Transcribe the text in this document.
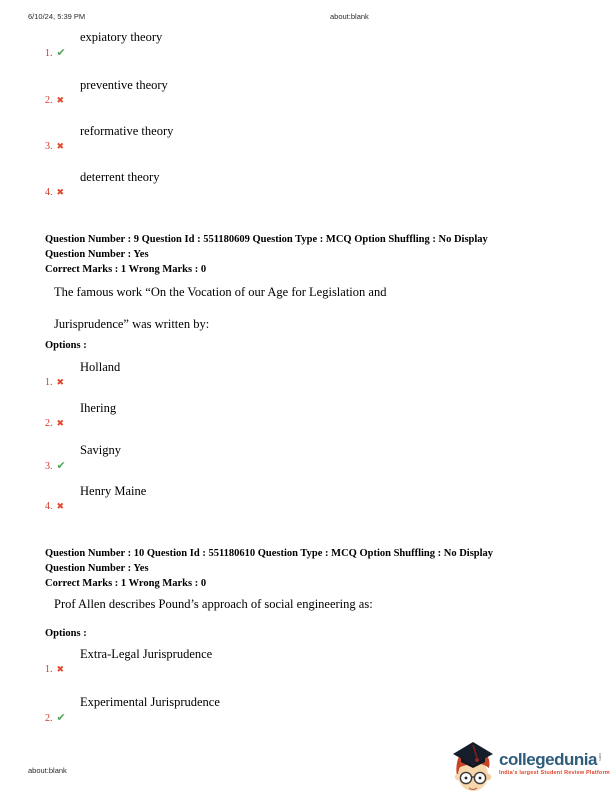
6/10/24, 5:39 PM	about:blank
expiatory theory
1. ✔
preventive theory
2. ✖
reformative theory
3. ✖
deterrent theory
4. ✖
Question Number : 9 Question Id : 551180609 Question Type : MCQ Option Shuffling : No Display
Question Number : Yes
Correct Marks : 1 Wrong Marks : 0
The famous work “On the Vocation of our Age for Legislation and
Jurisprudence” was written by:
Options :
Holland
1. ✖
Ihering
2. ✖
Savigny
3. ✔
Henry Maine
4. ✖
Question Number : 10 Question Id : 551180610 Question Type : MCQ Option Shuffling : No Display
Question Number : Yes
Correct Marks : 1 Wrong Marks : 0
Prof Allen describes Pound’s approach of social engineering as:
Options :
Extra-Legal Jurisprudence
1. ✖
Experimental Jurisprudence
2. ✔
about:blank
collegedunia com
India's largest Student Review Platform
